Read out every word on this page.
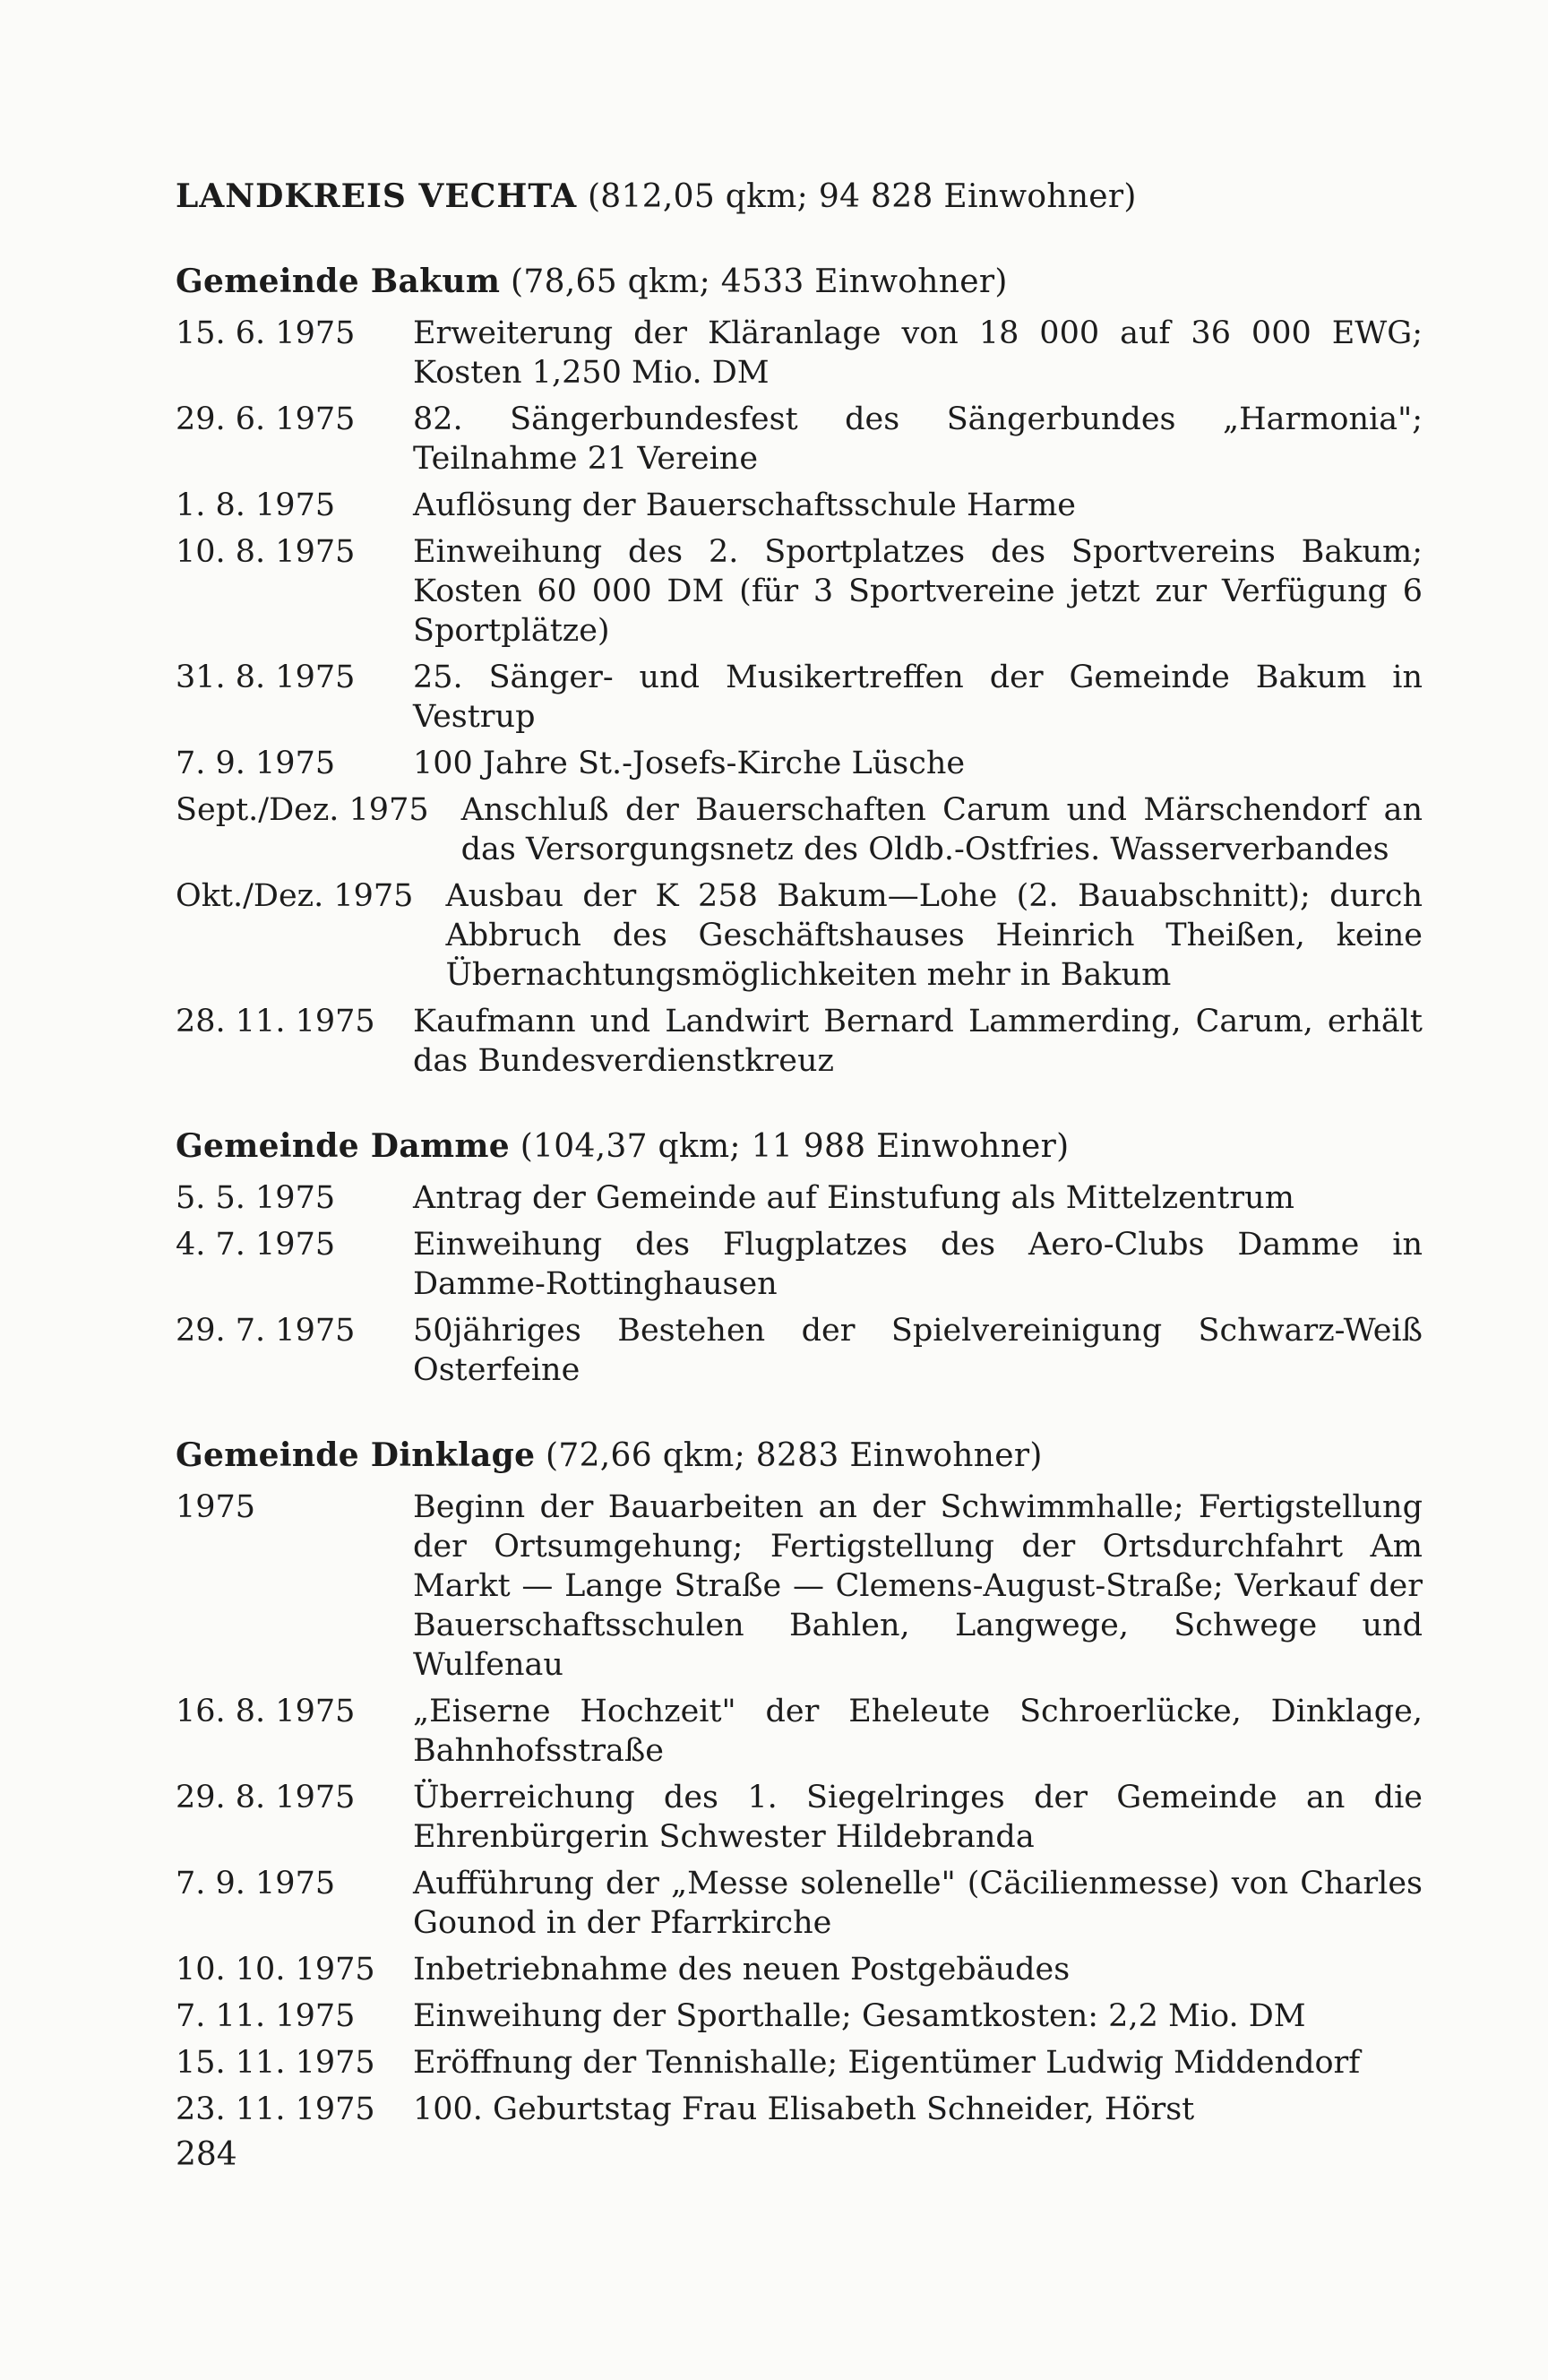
LANDKREIS VECHTA (812,05 qkm; 94 828 Einwohner)
Gemeinde Bakum (78,65 qkm; 4533 Einwohner)
15. 6. 1975	Erweiterung der Kläranlage von 18 000 auf 36 000 EWG; Kosten 1,250 Mio. DM
29. 6. 1975	82. Sängerbundesfest des Sängerbundes „Harmonia"; Teilnahme 21 Vereine
1. 8. 1975	Auflösung der Bauerschaftsschule Harme
10. 8. 1975	Einweihung des 2. Sportplatzes des Sportvereins Bakum; Kosten 60 000 DM (für 3 Sportvereine jetzt zur Verfügung 6 Sportplätze)
31. 8. 1975	25. Sänger- und Musikertreffen der Gemeinde Bakum in Vestrup
7. 9. 1975	100 Jahre St.-Josefs-Kirche Lüsche
Sept./Dez. 1975	Anschluß der Bauerschaften Carum und Märschendorf an das Versorgungsnetz des Oldb.-Ostfries. Wasserverbandes
Okt./Dez. 1975	Ausbau der K 258 Bakum—Lohe (2. Bauabschnitt); durch Abbruch des Geschäftshauses Heinrich Theißen, keine Übernachtungsmöglichkeiten mehr in Bakum
28. 11. 1975	Kaufmann und Landwirt Bernard Lammerding, Carum, erhält das Bundesverdienstkreuz
Gemeinde Damme (104,37 qkm; 11 988 Einwohner)
5. 5. 1975	Antrag der Gemeinde auf Einstufung als Mittelzentrum
4. 7. 1975	Einweihung des Flugplatzes des Aero-Clubs Damme in Damme-Rottinghausen
29. 7. 1975	50jähriges Bestehen der Spielvereinigung Schwarz-Weiß Osterfeine
Gemeinde Dinklage (72,66 qkm; 8283 Einwohner)
1975	Beginn der Bauarbeiten an der Schwimmhalle; Fertigstellung der Ortsumgehung; Fertigstellung der Ortsdurchfahrt Am Markt — Lange Straße — Clemens-August-Straße; Verkauf der Bauerschaftsschulen Bahlen, Langwege, Schwege und Wulfenau
16. 8. 1975	„Eiserne Hochzeit" der Eheleute Schroerlücke, Dinklage, Bahnhofsstraße
29. 8. 1975	Überreichung des 1. Siegelringes der Gemeinde an die Ehrenbürgerin Schwester Hildebranda
7. 9. 1975	Aufführung der „Messe solenelle" (Cäcilienmesse) von Charles Gounod in der Pfarrkirche
10. 10. 1975	Inbetriebnahme des neuen Postgebäudes
7. 11. 1975	Einweihung der Sporthalle; Gesamtkosten: 2,2 Mio. DM
15. 11. 1975	Eröffnung der Tennishalle; Eigentümer Ludwig Middendorf
23. 11. 1975	100. Geburtstag Frau Elisabeth Schneider, Hörst
284
